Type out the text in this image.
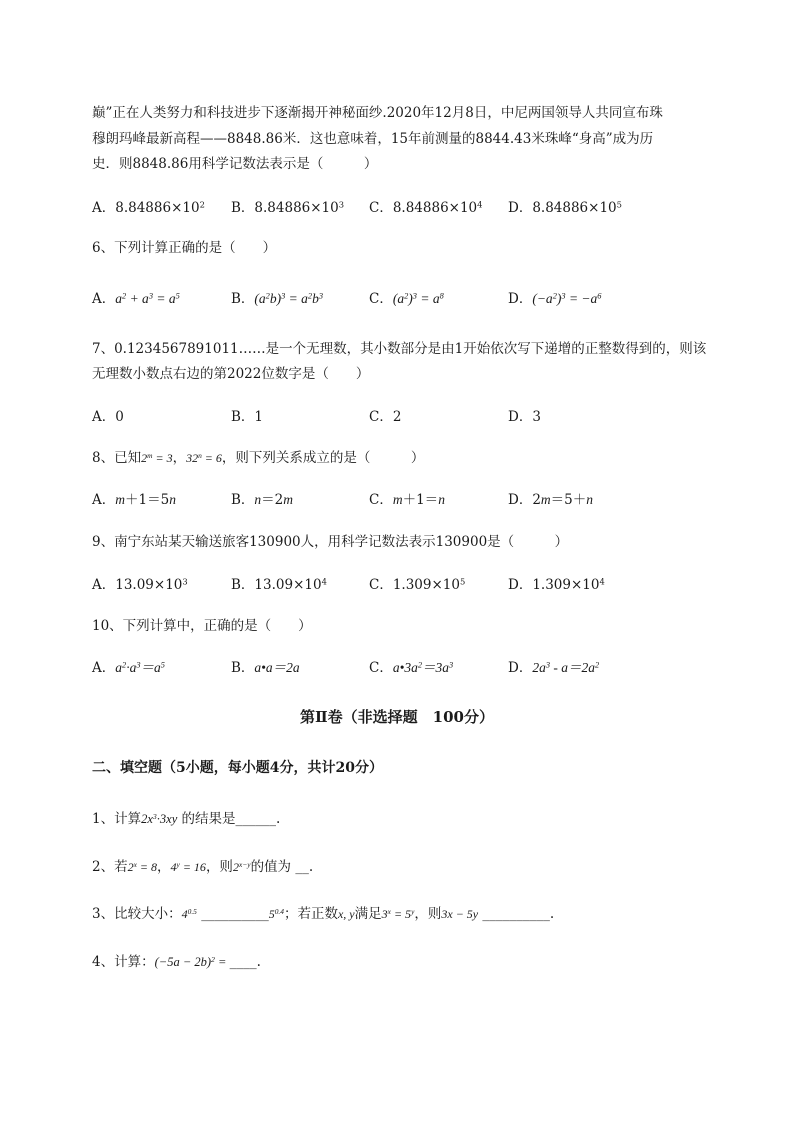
巅”正在人类努力和科技进步下逐渐揭开神秘面纱.2020年12月8日，中尼两国领导人共同宣布珠
穆朗玛峰最新高程——8848.86米．这也意味着，15年前测量的8844.43米珠峰“身高”成为历
史．则8848.86用科学记数法表示是（　　　）
A．$8.84886\times 10^2$ B．$8.84886\times 10^3$ C．$8.84886\times 10^4$ D．$8.84886\times 10^5$
6、下列计算正确的是（　　）
A．$a^2 + a^3 = a^5$	B．$(a^2b)^3 = a^2b^3$	C．$(a^2)^3 = a^8$	D．$(-a^2)^3 = -a^6$
7、0.1234567891011……是一个无理数，其小数部分是由1开始依次写下递增的正整数得到的，则该
无理数小数点右边的第2022位数字是（　　）
A．0	B．1	C．2	D．3
8、已知$2^m = 3$，$32^n = 6$，则下列关系成立的是（　　　）
A．m＋1＝5n	B．n＝2m	C．m＋1＝n	D．2m＝5＋n
9、南宁东站某天输送旅客130900人，用科学记数法表示130900是（　　　）
A．$13.09\times 10^3$	B．$13.09\times 10^4$	C．$1.309\times 10^5$	D．$1.309\times 10^4$
10、下列计算中，正确的是（　　）
A．$a^2\cdot a^3=a^5$	B．a•a＝2a	C．$a•3a^2=3a^3$	D．$2a^3 - a=2a^2$
第Ⅱ卷（非选择题　100分）
二、填空题（5小题，每小题4分，共计20分）
1、计算$2x^3\cdot 3xy$ 的结果是______.
2、若$2^x = 8$，$4^y = 16$，则$2^{x-y}$的值为 __.
3、比较大小：$4^{0.5}$ $\_\_\_\_\_\_\_\_\_\_5^{0.4}$；若正数x, y满足$3^x = 5^y$，则3x − 5y __________.
4、计算：$(-5a - 2b)^2$ = ____.
